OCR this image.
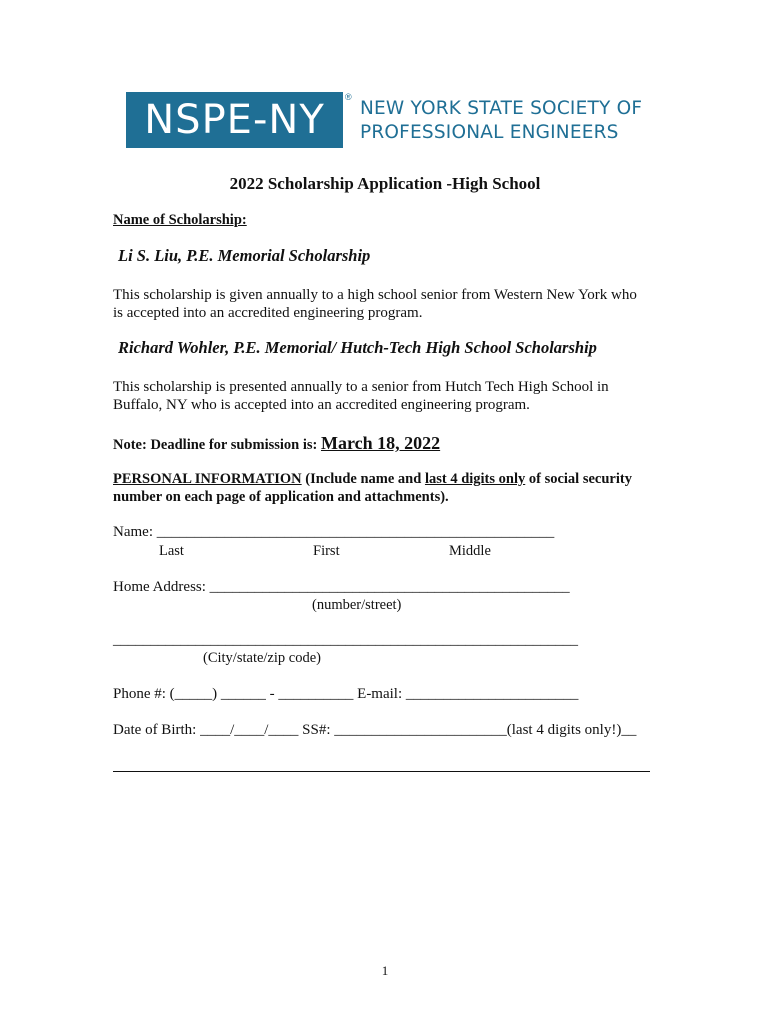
NSPE-NY	®
NEW YORK STATE SOCIETY OF
PROFESSIONAL ENGINEERS
2022 Scholarship Application -High School
Name of Scholarship:
Li S. Liu, P.E. Memorial Scholarship
This scholarship is given annually to a high school senior from Western New York who
is accepted into an accredited engineering program.
Richard Wohler, P.E. Memorial/ Hutch-Tech High School Scholarship
This scholarship is presented annually to a senior from Hutch Tech High School in
Buffalo, NY who is accepted into an accredited engineering program.
Note: Deadline for submission is: March 18, 2022
PERSONAL INFORMATION (Include name and last 4 digits only of social security
number on each page of application and attachments).
Name: _____________________________________________________
Last	First	Middle
Home Address: ________________________________________________
(number/street)
______________________________________________________________
(City/state/zip code)
Phone #: (_____) ______ - __________ E-mail: _______________________
Date of Birth: ____/____/____ SS#: _______________________(last 4 digits only!)__
1
